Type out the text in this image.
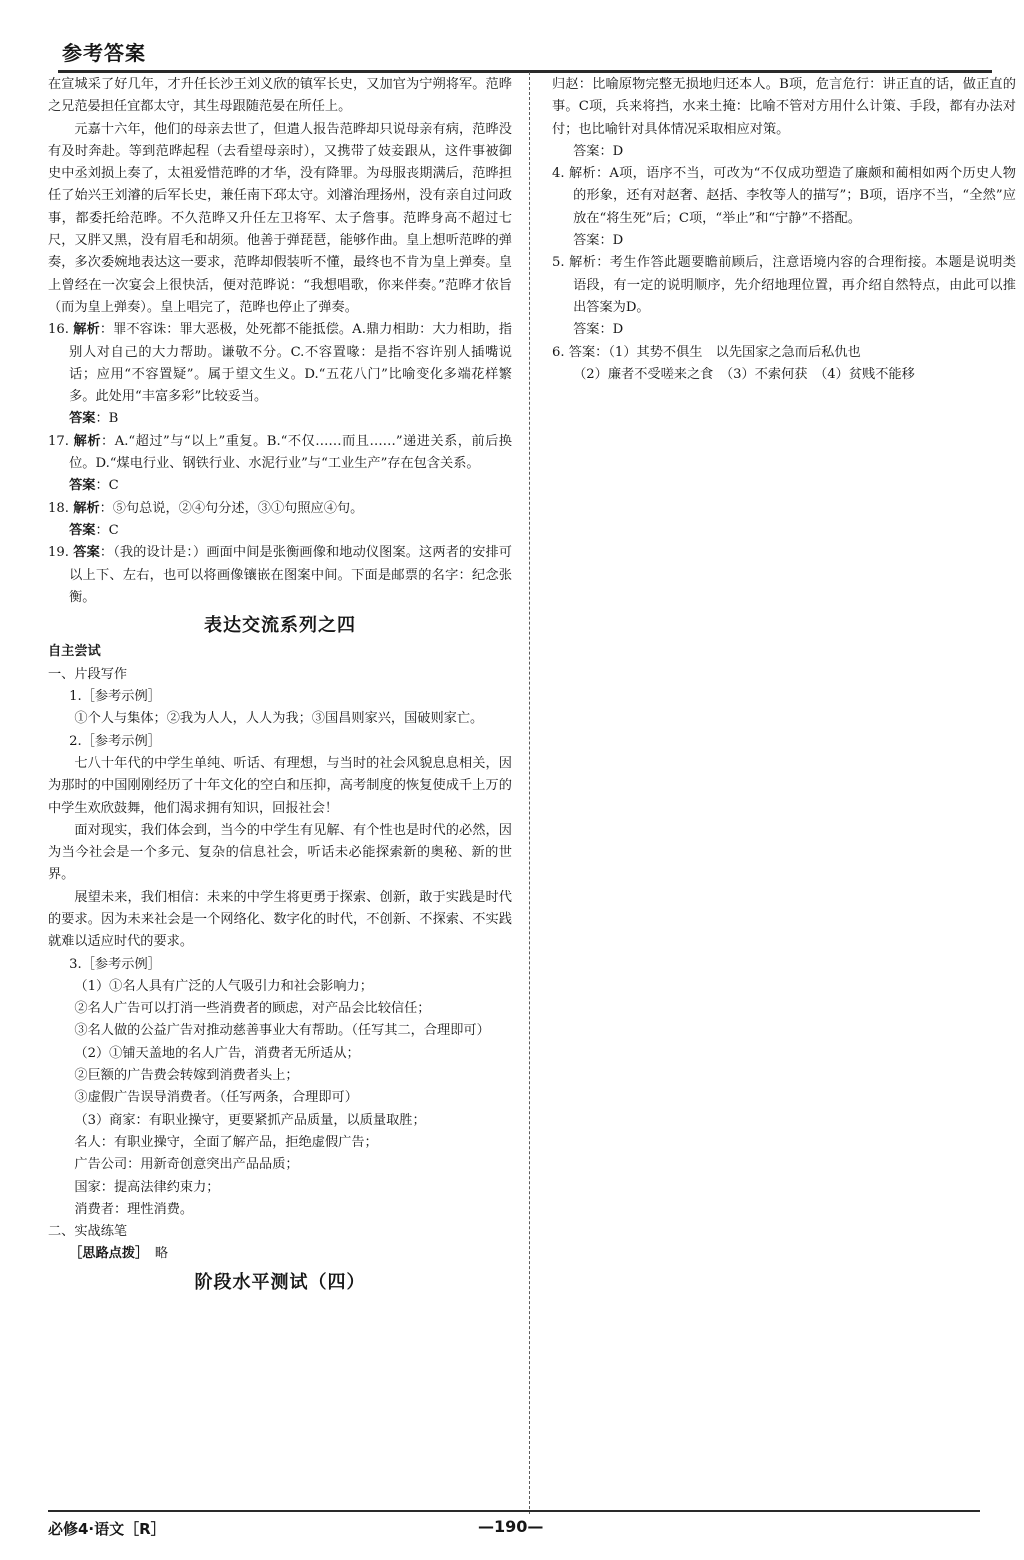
参考答案

在宣城采了好几年，才升任长沙王刘义欣的镇军长史，又加官为宁朔将军。范晔之兄范晏担任宜都太守，其生母跟随范晏在所任上。

元嘉十六年，他们的母亲去世了，但遣人报告范晔却只说母亲有病，范晔没有及时奔赴。等到范晔起程（去看望母亲时），又携带了妓妾跟从，这件事被御史中丞刘损上奏了，太祖爱惜范晔的才华，没有降罪。为母服丧期满后，范晔担任了始兴王刘濬的后军长史，兼任南下邳太守。刘濬治理扬州，没有亲自过问政事，都委托给范晔。不久范晔又升任左卫将军、太子詹事。范晔身高不超过七尺，又胖又黑，没有眉毛和胡须。他善于弹琵琶，能够作曲。皇上想听范晔的弹奏，多次委婉地表达这一要求，范晔却假装听不懂，最终也不肯为皇上弹奏。皇上曾经在一次宴会上很快活，便对范晔说：“我想唱歌，你来伴奏。”范晔才依旨（而为皇上弹奏）。皇上唱完了，范晔也停止了弹奏。

16. 解析：罪不容诛：罪大恶极，处死都不能抵偿。A.鼎力相助：大力相助，指别人对自己的大力帮助。谦敬不分。C.不容置喙：是指不容许别人插嘴说话；应用“不容置疑”。属于望文生义。D.“五花八门”比喻变化多端花样繁多。此处用“丰富多彩”比较妥当。

答案：B

17. 解析：A.“超过”与“以上”重复。B.“不仅……而且……”递进关系，前后换位。D.“煤电行业、钢铁行业、水泥行业”与“工业生产”存在包含关系。

答案：C

18. 解析：⑤句总说，②④句分述，③①句照应④句。

答案：C

19. 答案：（我的设计是：）画面中间是张衡画像和地动仪图案。这两者的安排可以上下、左右，也可以将画像镶嵌在图案中间。下面是邮票的名字：纪念张衡。

表达交流系列之四

自主尝试

一、片段写作

1.［参考示例］

①个人与集体；②我为人人，人人为我；③国昌则家兴，国破则家亡。

2.［参考示例］

七八十年代的中学生单纯、听话、有理想，与当时的社会风貌息息相关，因为那时的中国刚刚经历了十年文化的空白和压抑，高考制度的恢复使成千上万的中学生欢欣鼓舞，他们渴求拥有知识，回报社会！

面对现实，我们体会到，当今的中学生有见解、有个性也是时代的必然，因为当今社会是一个多元、复杂的信息社会，听话未必能探索新的奥秘、新的世界。

展望未来，我们相信：未来的中学生将更勇于探索、创新，敢于实践是时代的要求。因为未来社会是一个网络化、数字化的时代，不创新、不探索、不实践就难以适应时代的要求。

3.［参考示例］

（1）①名人具有广泛的人气吸引力和社会影响力；

②名人广告可以打消一些消费者的顾虑，对产品会比较信任；

③名人做的公益广告对推动慈善事业大有帮助。（任写其二，合理即可）

（2）①铺天盖地的名人广告，消费者无所适从；

②巨额的广告费会转嫁到消费者头上；

③虚假广告误导消费者。（任写两条，合理即可）

（3）商家：有职业操守，更要紧抓产品质量，以质量取胜；

名人：有职业操守，全面了解产品，拒绝虚假广告；

广告公司：用新奇创意突出产品品质；

国家：提高法律约束力；

消费者：理性消费。

二、实战练笔

［思路点拨］　 略

阶段水平测试（四）

归赵：比喻原物完整无损地归还本人。B项，危言危行：讲正直的话，做正直的事。C项，兵来将挡，水来土掩：比喻不管对方用什么计策、手段，都有办法对付；也比喻针对具体情况采取相应对策。

答案：D

4. 解析：A项，语序不当，可改为“不仅成功塑造了廉颇和蔺相如两个历史人物的形象，还有对赵奢、赵括、李牧等人的描写”；B项，语序不当，“全然”应放在“将生死”后；C项，“举止”和“宁静”不搭配。

答案：D

5. 解析：考生作答此题要瞻前顾后，注意语境内容的合理衔接。本题是说明类语段，有一定的说明顺序，先介绍地理位置，再介绍自然特点，由此可以推出答案为D。

答案：D

6. 答案：（1）其势不俱生　以先国家之急而后私仇也

（2）廉者不受嗟来之食　（3）不索何获　（4）贫贱不能移

必修4·语文［R］	—190—
